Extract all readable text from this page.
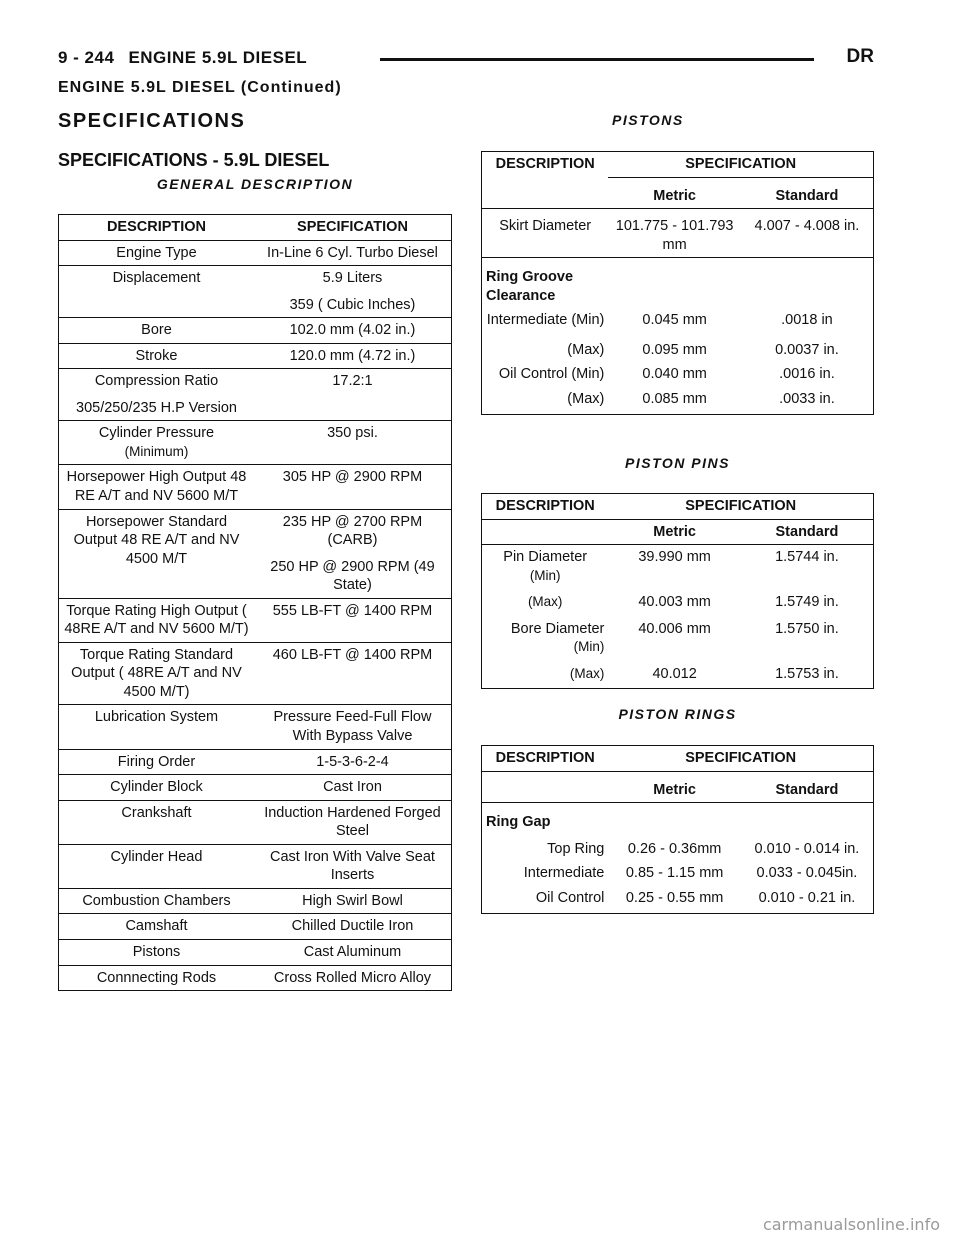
9 - 244 ENGINE 5.9L DIESEL	DR
ENGINE 5.9L DIESEL (Continued)
SPECIFICATIONS
SPECIFICATIONS - 5.9L DIESEL
GENERAL DESCRIPTION
DESCRIPTION	SPECIFICATION
Engine Type	In-Line 6 Cyl. Turbo Diesel
Displacement	5.9 Liters
359 ( Cubic Inches)
Bore	102.0 mm (4.02 in.)
Stroke	120.0 mm (4.72 in.)
Compression Ratio
305/250/235 H.P Version	17.2:1
Cylinder Pressure
(Minimum)	350 psi.
Horsepower High Output 48 RE A/T and NV 5600 M/T	305 HP @ 2900 RPM
Horsepower Standard Output 48 RE A/T and NV 4500 M/T	235 HP @ 2700 RPM (CARB)
250 HP @ 2900 RPM (49 State)
Torque Rating High Output ( 48RE A/T and NV 5600 M/T)	555 LB-FT @ 1400 RPM
Torque Rating Standard Output ( 48RE A/T and NV 4500 M/T)	460 LB-FT @ 1400 RPM
Lubrication System	Pressure Feed-Full Flow With Bypass Valve
Firing Order	1-5-3-6-2-4
Cylinder Block	Cast Iron
Crankshaft	Induction Hardened Forged Steel
Cylinder Head	Cast Iron With Valve Seat Inserts
Combustion Chambers	High Swirl Bowl
Camshaft	Chilled Ductile Iron
Pistons	Cast Aluminum
Connnecting Rods	Cross Rolled Micro Alloy
PISTONS
DESCRIPTION	SPECIFICATION	
	Metric	Standard
Skirt Diameter	101.775 - 101.793 mm	4.007 - 4.008 in.
Ring Groove Clearance		
Intermediate (Min)	0.045 mm	.0018 in
(Max)	0.095 mm	0.0037 in.
Oil Control (Min)	0.040 mm	.0016 in.
(Max)	0.085 mm	.0033 in.
PISTON PINS
DESCRIPTION	SPECIFICATION	
	Metric	Standard
Pin Diameter
(Min)	39.990 mm	1.5744 in.
(Max)	40.003 mm	1.5749 in.
Bore Diameter
(Min)	40.006 mm	1.5750 in.
(Max)	40.012	1.5753 in.
PISTON RINGS
DESCRIPTION	SPECIFICATION	
	Metric	Standard
Ring Gap		
Top Ring	0.26 - 0.36mm	0.010 - 0.014 in.
Intermediate	0.85 - 1.15 mm	0.033 - 0.045in.
Oil Control	0.25 - 0.55 mm	0.010 - 0.21 in.
carmanualsonline.info
